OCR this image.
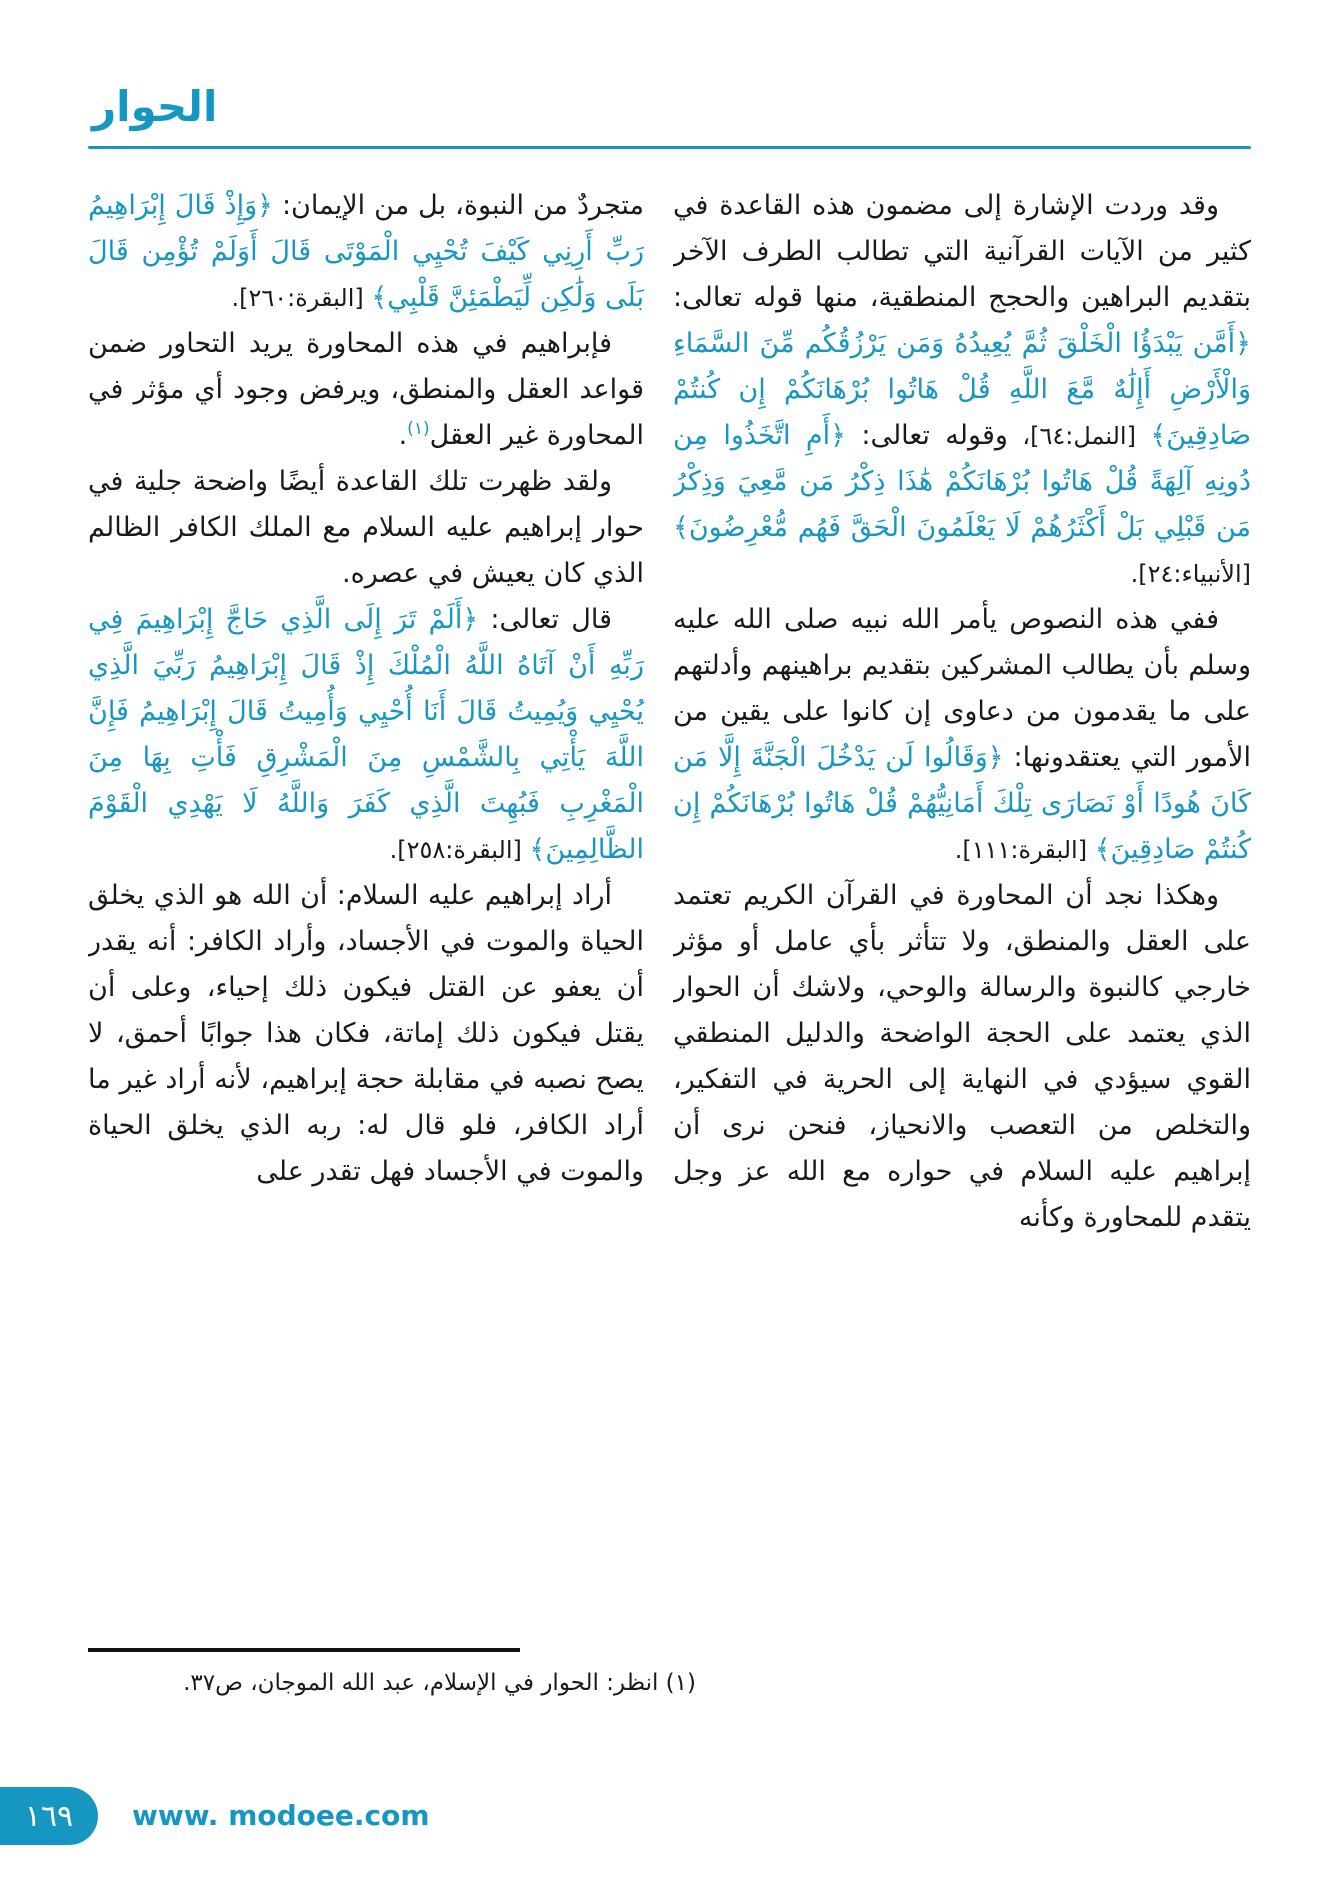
الحوار

وقد وردت الإشارة إلى مضمون هذه القاعدة في كثير من الآيات القرآنية التي تطالب الطرف الآخر بتقديم البراهين والحجج المنطقية، منها قوله تعالى: ﴿أَمَّن يَبْدَؤُا الْخَلْقَ ثُمَّ يُعِيدُهُ وَمَن يَرْزُقُكُم مِّنَ السَّمَاءِ وَالْأَرْضِ أَإِلَٰهٌ مَّعَ اللَّهِ قُلْ هَاتُوا بُرْهَانَكُمْ إِن كُنتُمْ صَادِقِينَ﴾ [النمل:٦٤]، وقوله تعالى: ﴿أَمِ اتَّخَذُوا مِن دُونِهِ آلِهَةً قُلْ هَاتُوا بُرْهَانَكُمْ هَٰذَا ذِكْرُ مَن مَّعِيَ وَذِكْرُ مَن قَبْلِي بَلْ أَكْثَرُهُمْ لَا يَعْلَمُونَ الْحَقَّ فَهُم مُّعْرِضُونَ﴾ [الأنبياء:٢٤].

ففي هذه النصوص يأمر الله نبيه صلى الله عليه وسلم بأن يطالب المشركين بتقديم براهينهم وأدلتهم على ما يقدمون من دعاوى إن كانوا على يقين من الأمور التي يعتقدونها: ﴿وَقَالُوا لَن يَدْخُلَ الْجَنَّةَ إِلَّا مَن كَانَ هُودًا أَوْ نَصَارَى تِلْكَ أَمَانِيُّهُمْ قُلْ هَاتُوا بُرْهَانَكُمْ إِن كُنتُمْ صَادِقِينَ﴾ [البقرة:١١١].

وهكذا نجد أن المحاورة في القرآن الكريم تعتمد على العقل والمنطق، ولا تتأثر بأي عامل أو مؤثر خارجي كالنبوة والرسالة والوحي، ولاشك أن الحوار الذي يعتمد على الحجة الواضحة والدليل المنطقي القوي سيؤدي في النهاية إلى الحرية في التفكير، والتخلص من التعصب والانحياز، فنحن نرى أن إبراهيم عليه السلام في حواره مع الله عز وجل يتقدم للمحاورة وكأنه

متجردٌ من النبوة، بل من الإيمان: ﴿وَإِذْ قَالَ إِبْرَاهِيمُ رَبِّ أَرِنِي كَيْفَ تُحْيِي الْمَوْتَى قَالَ أَوَلَمْ تُؤْمِن قَالَ بَلَى وَلَٰكِن لِّيَطْمَئِنَّ قَلْبِي﴾ [البقرة:٢٦٠].

فإبراهيم في هذه المحاورة يريد التحاور ضمن قواعد العقل والمنطق، ويرفض وجود أي مؤثر في المحاورة غير العقل$^{(١)}$.

ولقد ظهرت تلك القاعدة أيضًا واضحة جلية في حوار إبراهيم عليه السلام مع الملك الكافر الظالم الذي كان يعيش في عصره.

قال تعالى: ﴿أَلَمْ تَرَ إِلَى الَّذِي حَاجَّ إِبْرَاهِيمَ فِي رَبِّهِ أَنْ آتَاهُ اللَّهُ الْمُلْكَ إِذْ قَالَ إِبْرَاهِيمُ رَبِّيَ الَّذِي يُحْيِي وَيُمِيتُ قَالَ أَنَا أُحْيِي وَأُمِيتُ قَالَ إِبْرَاهِيمُ فَإِنَّ اللَّهَ يَأْتِي بِالشَّمْسِ مِنَ الْمَشْرِقِ فَأْتِ بِهَا مِنَ الْمَغْرِبِ فَبُهِتَ الَّذِي كَفَرَ وَاللَّهُ لَا يَهْدِي الْقَوْمَ الظَّالِمِينَ﴾ [البقرة:٢٥٨].

أراد إبراهيم عليه السلام: أن الله هو الذي يخلق الحياة والموت في الأجساد، وأراد الكافر: أنه يقدر أن يعفو عن القتل فيكون ذلك إحياء، وعلى أن يقتل فيكون ذلك إماتة، فكان هذا جوابًا أحمق، لا يصح نصبه في مقابلة حجة إبراهيم، لأنه أراد غير ما أراد الكافر، فلو قال له: ربه الذي يخلق الحياة والموت في الأجساد فهل تقدر على

(١) انظر: الحوار في الإسلام، عبد الله الموجان، ص٣٧.
١٦٩ www. modoee.com
